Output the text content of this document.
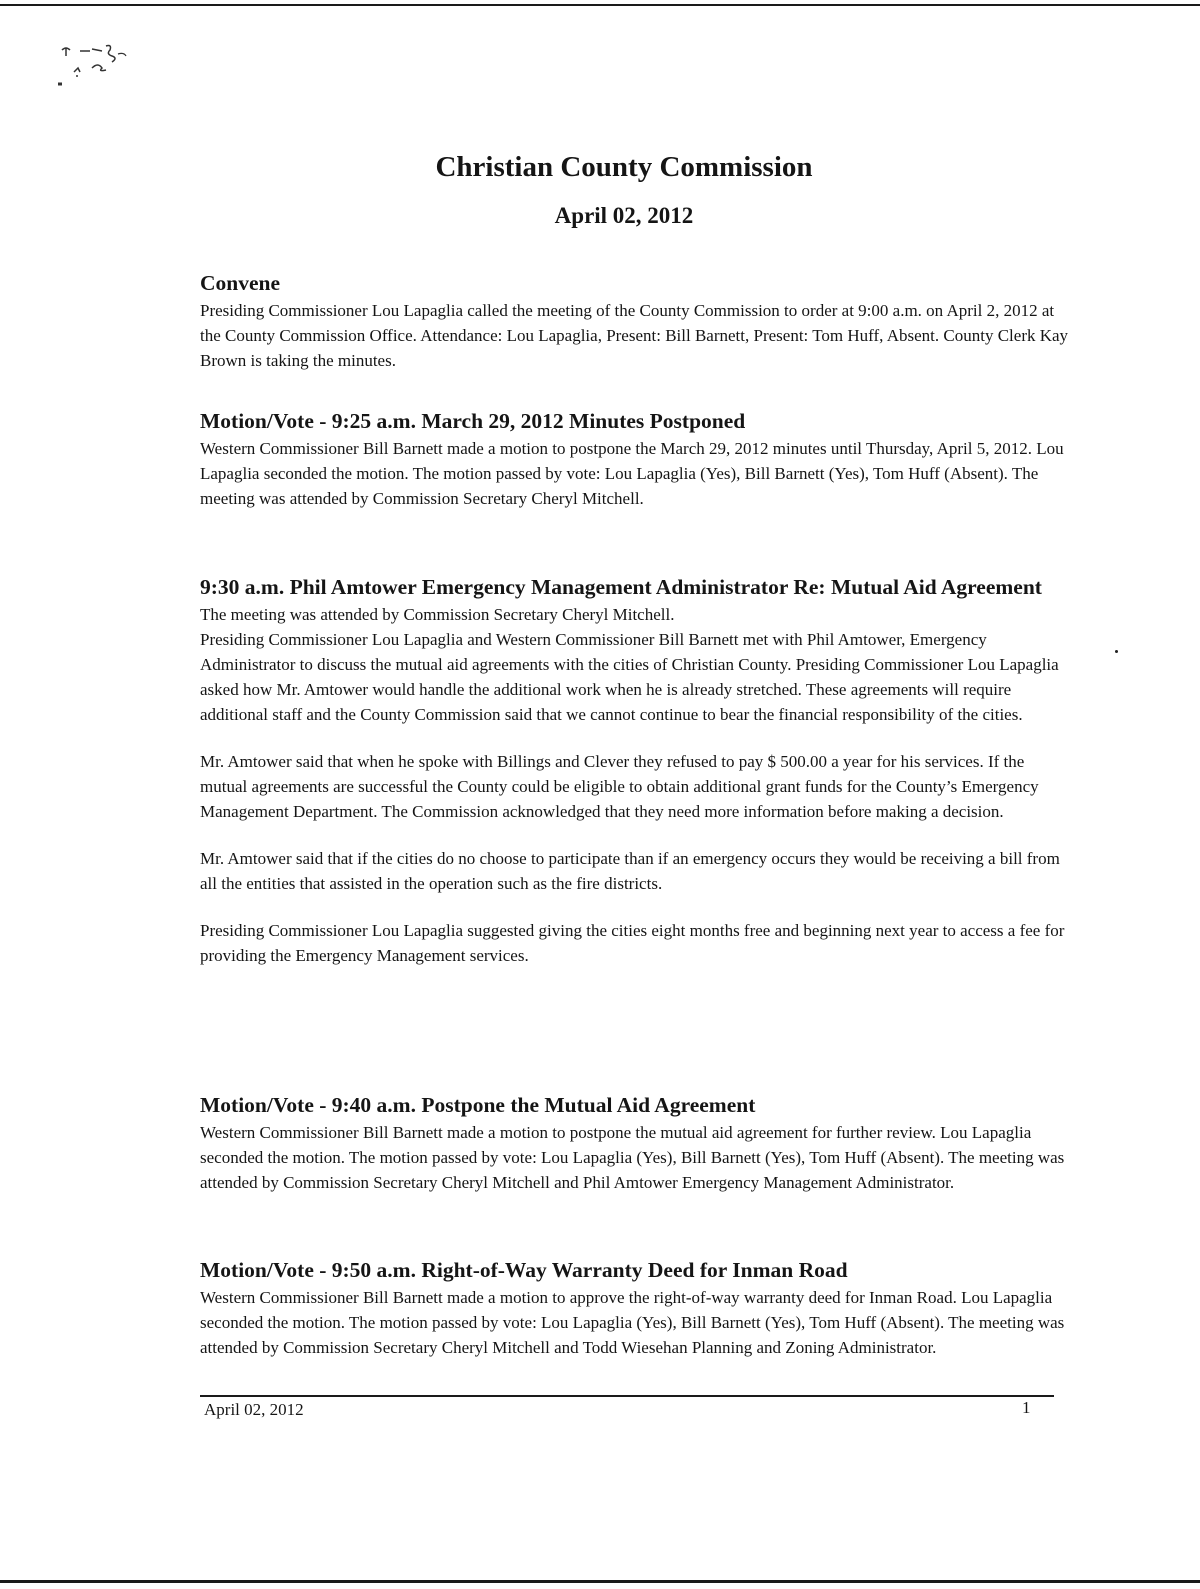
Christian County Commission
April 02, 2012
Convene

Presiding Commissioner Lou Lapaglia called the meeting of the County Commission to order at 9:00 a.m. on April 2, 2012 at the County Commission Office. Attendance: Lou Lapaglia, Present: Bill Barnett, Present: Tom Huff, Absent. County Clerk Kay Brown is taking the minutes.

Motion/Vote - 9:25 a.m. March 29, 2012 Minutes Postponed

Western Commissioner Bill Barnett made a motion to postpone the March 29, 2012 minutes until Thursday, April 5, 2012. Lou Lapaglia seconded the motion. The motion passed by vote: Lou Lapaglia (Yes), Bill Barnett (Yes), Tom Huff (Absent). The meeting was attended by Commission Secretary Cheryl Mitchell.

9:30 a.m. Phil Amtower Emergency Management Administrator Re: Mutual Aid Agreement

The meeting was attended by Commission Secretary Cheryl Mitchell.

Presiding Commissioner Lou Lapaglia and Western Commissioner Bill Barnett met with Phil Amtower, Emergency Administrator to discuss the mutual aid agreements with the cities of Christian County. Presiding Commissioner Lou Lapaglia asked how Mr. Amtower would handle the additional work when he is already stretched. These agreements will require additional staff and the County Commission said that we cannot continue to bear the financial responsibility of the cities.

Mr. Amtower said that when he spoke with Billings and Clever they refused to pay $ 500.00 a year for his services. If the mutual agreements are successful the County could be eligible to obtain additional grant funds for the County’s Emergency Management Department. The Commission acknowledged that they need more information before making a decision.

Mr. Amtower said that if the cities do no choose to participate than if an emergency occurs they would be receiving a bill from all the entities that assisted in the operation such as the fire districts.

Presiding Commissioner Lou Lapaglia suggested giving the cities eight months free and beginning next year to access a fee for providing the Emergency Management services.

Motion/Vote - 9:40 a.m. Postpone the Mutual Aid Agreement

Western Commissioner Bill Barnett made a motion to postpone the mutual aid agreement for further review. Lou Lapaglia seconded the motion. The motion passed by vote: Lou Lapaglia (Yes), Bill Barnett (Yes), Tom Huff (Absent). The meeting was attended by Commission Secretary Cheryl Mitchell and Phil Amtower Emergency Management Administrator.

Motion/Vote - 9:50 a.m. Right-of-Way Warranty Deed for Inman Road

Western Commissioner Bill Barnett made a motion to approve the right-of-way warranty deed for Inman Road. Lou Lapaglia seconded the motion. The motion passed by vote: Lou Lapaglia (Yes), Bill Barnett (Yes), Tom Huff (Absent). The meeting was attended by Commission Secretary Cheryl Mitchell and Todd Wiesehan Planning and Zoning Administrator.

April 02, 2012	1
